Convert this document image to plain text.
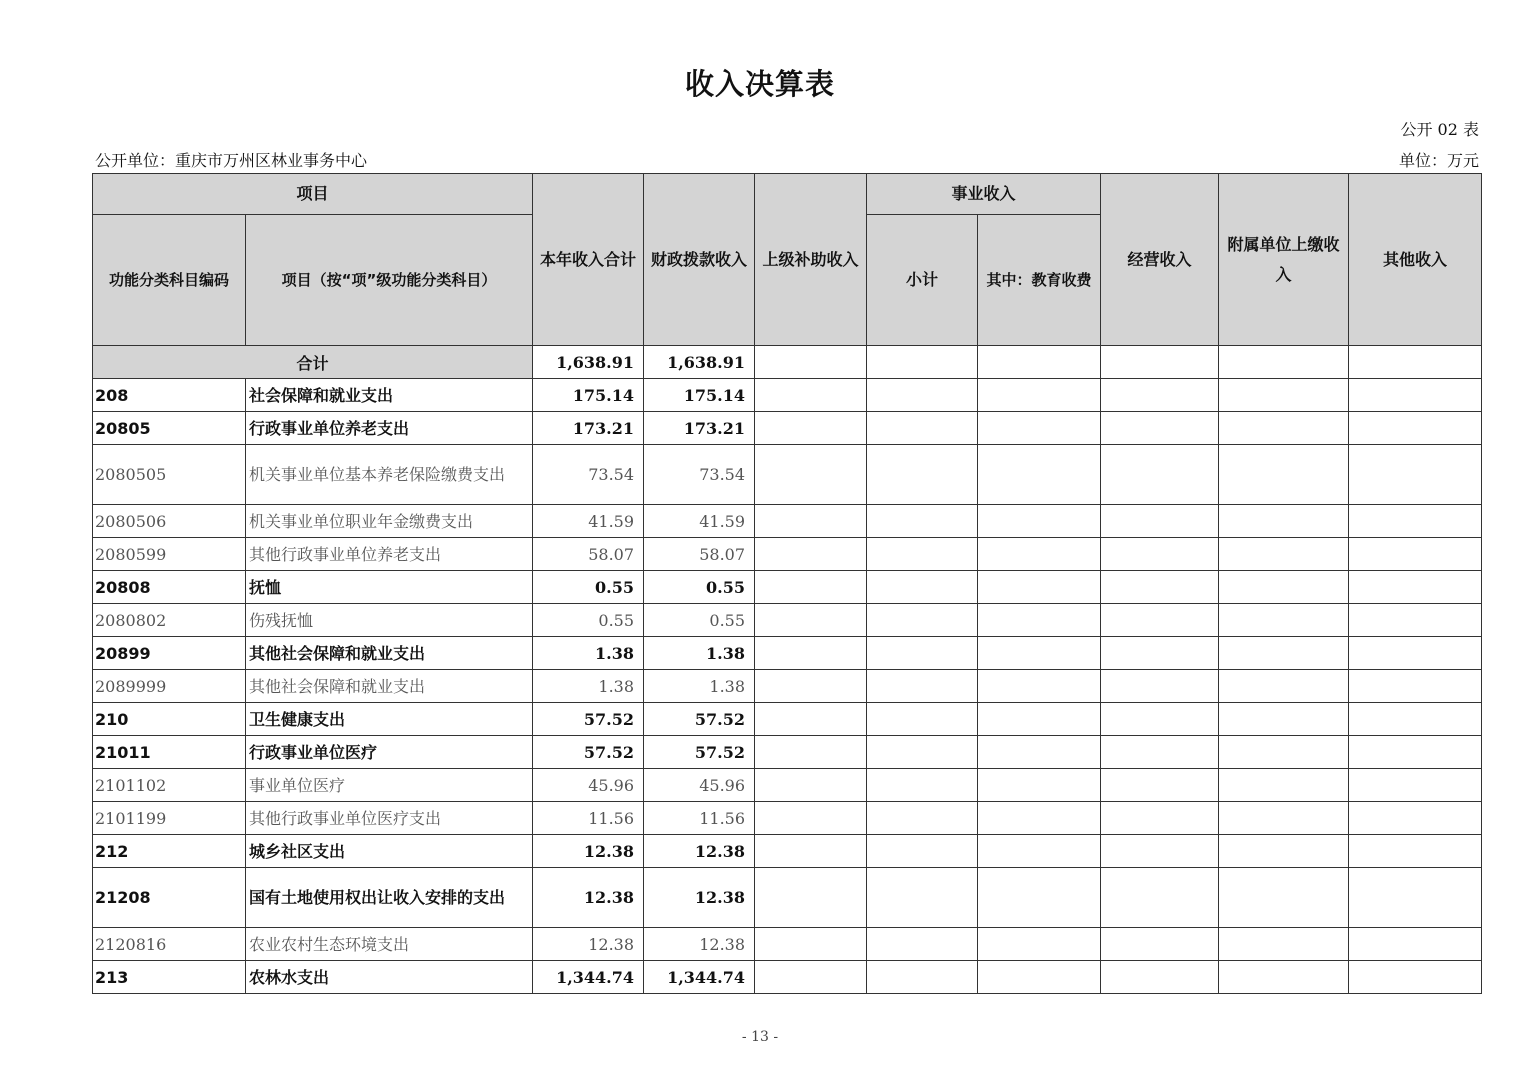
收入决算表
公开 02 表
公开单位：重庆市万州区林业事务中心	单位：万元
项目		本年收入合计	财政拨款收入	上级补助收入	事业收入		经营收入	附属单位上缴收入	其他收入
功能分类科目编码	项目（按“项”级功能分类科目）				小计	其中：教育收费			
合计		1,638.91	1,638.91						
208	社会保障和就业支出	175.14	175.14						
20805	行政事业单位养老支出	173.21	173.21						
2080505	机关事业单位基本养老保险缴费支出	73.54	73.54						
2080506	机关事业单位职业年金缴费支出	41.59	41.59						
2080599	其他行政事业单位养老支出	58.07	58.07						
20808	抚恤	0.55	0.55						
2080802	伤残抚恤	0.55	0.55						
20899	其他社会保障和就业支出	1.38	1.38						
2089999	其他社会保障和就业支出	1.38	1.38						
210	卫生健康支出	57.52	57.52						
21011	行政事业单位医疗	57.52	57.52						
2101102	事业单位医疗	45.96	45.96						
2101199	其他行政事业单位医疗支出	11.56	11.56						
212	城乡社区支出	12.38	12.38						
21208	国有土地使用权出让收入安排的支出	12.38	12.38						
2120816	农业农村生态环境支出	12.38	12.38						
213	农林水支出	1,344.74	1,344.74						
- 13 -
